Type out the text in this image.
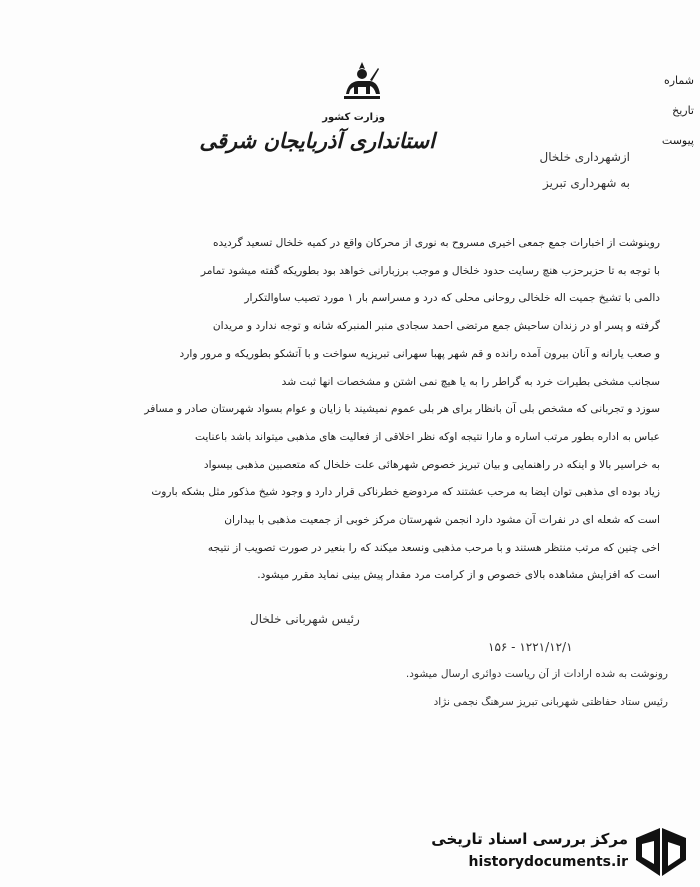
وزارت کشور
استانداری آذربایجان شرقی
شماره
تاریخ
پیوست
ازشهرداری خلخال
به شهرداری تبریز

روبنوشت از اخبارات جمع جمعی اخیری مسروح به نوری از محرکان واقع در کمیه خلخال تسعید گردیده

با توجه به تا حزبرحزب هنچ رسایت حدود خلخال و موجب برزبارانی خواهد بود بطوریکه گفته میشود تمامر

دالمی با تشیخ جمیت اله خلخالی روحانی محلی که درد و مسراسم بار ۱ مورد تصیب ساوالتکرار

گرفته و پسر او در زندان ساحیش جمع مرتضی احمد سجادی منبر المنبرکه شانه و توجه ندارد و مریدان

و صعب یارانه و آنان بیرون آمده رانده و قم شهر پهبا سهرانی تبریزیه سواخت و با آتشکو بطوریکه و مرور وارد

سجانب مشخی بطیرات خرد به گراطر را به یا هیچ نمی اشتن و مشخصات انها ثبت شد

سوزد و تجربانی که مشخص بلی آن بانظار برای هر بلی عموم نمیشیند با زایان و عوام بسواد شهرستان صادر و مسافر

عباس به اداره بطور مرتب اساره و مارا نتیجه اوکه نظر اخلاقی از فعالیت های مذهبی میتواند باشد باعنایت

به خراسیر بالا و اینکه در راهنمایی و بیان تبریز خصوص شهرهائی علت خلخال که متعصبین مذهبی بیسواد

زیاد بوده ای مذهبی توان ایضا به مرحب عشتند که مردوضع خطرناکی قرار دارد و وجود شیخ مذکور مثل بشکه باروت

است که شعله ای در نفرات آن مشود دارد انجمن شهرستان مرکز خوبی از جمعیت مذهبی با بیداران

اخی چنین که مرتب منتظر هستند و با مرحب مذهبی ونسعد میکند که را بنعیر در صورت تصویب از نتیجه

است که افزایش مشاهده بالای خصوص و از کرامت مرد مقدار پیش بینی نماید مقرر میشود.

رئیس شهربانی خلخال
۱۲۲۱/۱۲/۱ - ۱۵۶
رونوشت به شده ارادات از آن ریاست دوائری ارسال میشود.
رئیس ستاد حفاظتی شهربانی تبریز سرهنگ نجمی نژاد
مرکز بررسی اسناد تاریخی
historydocuments.ir
